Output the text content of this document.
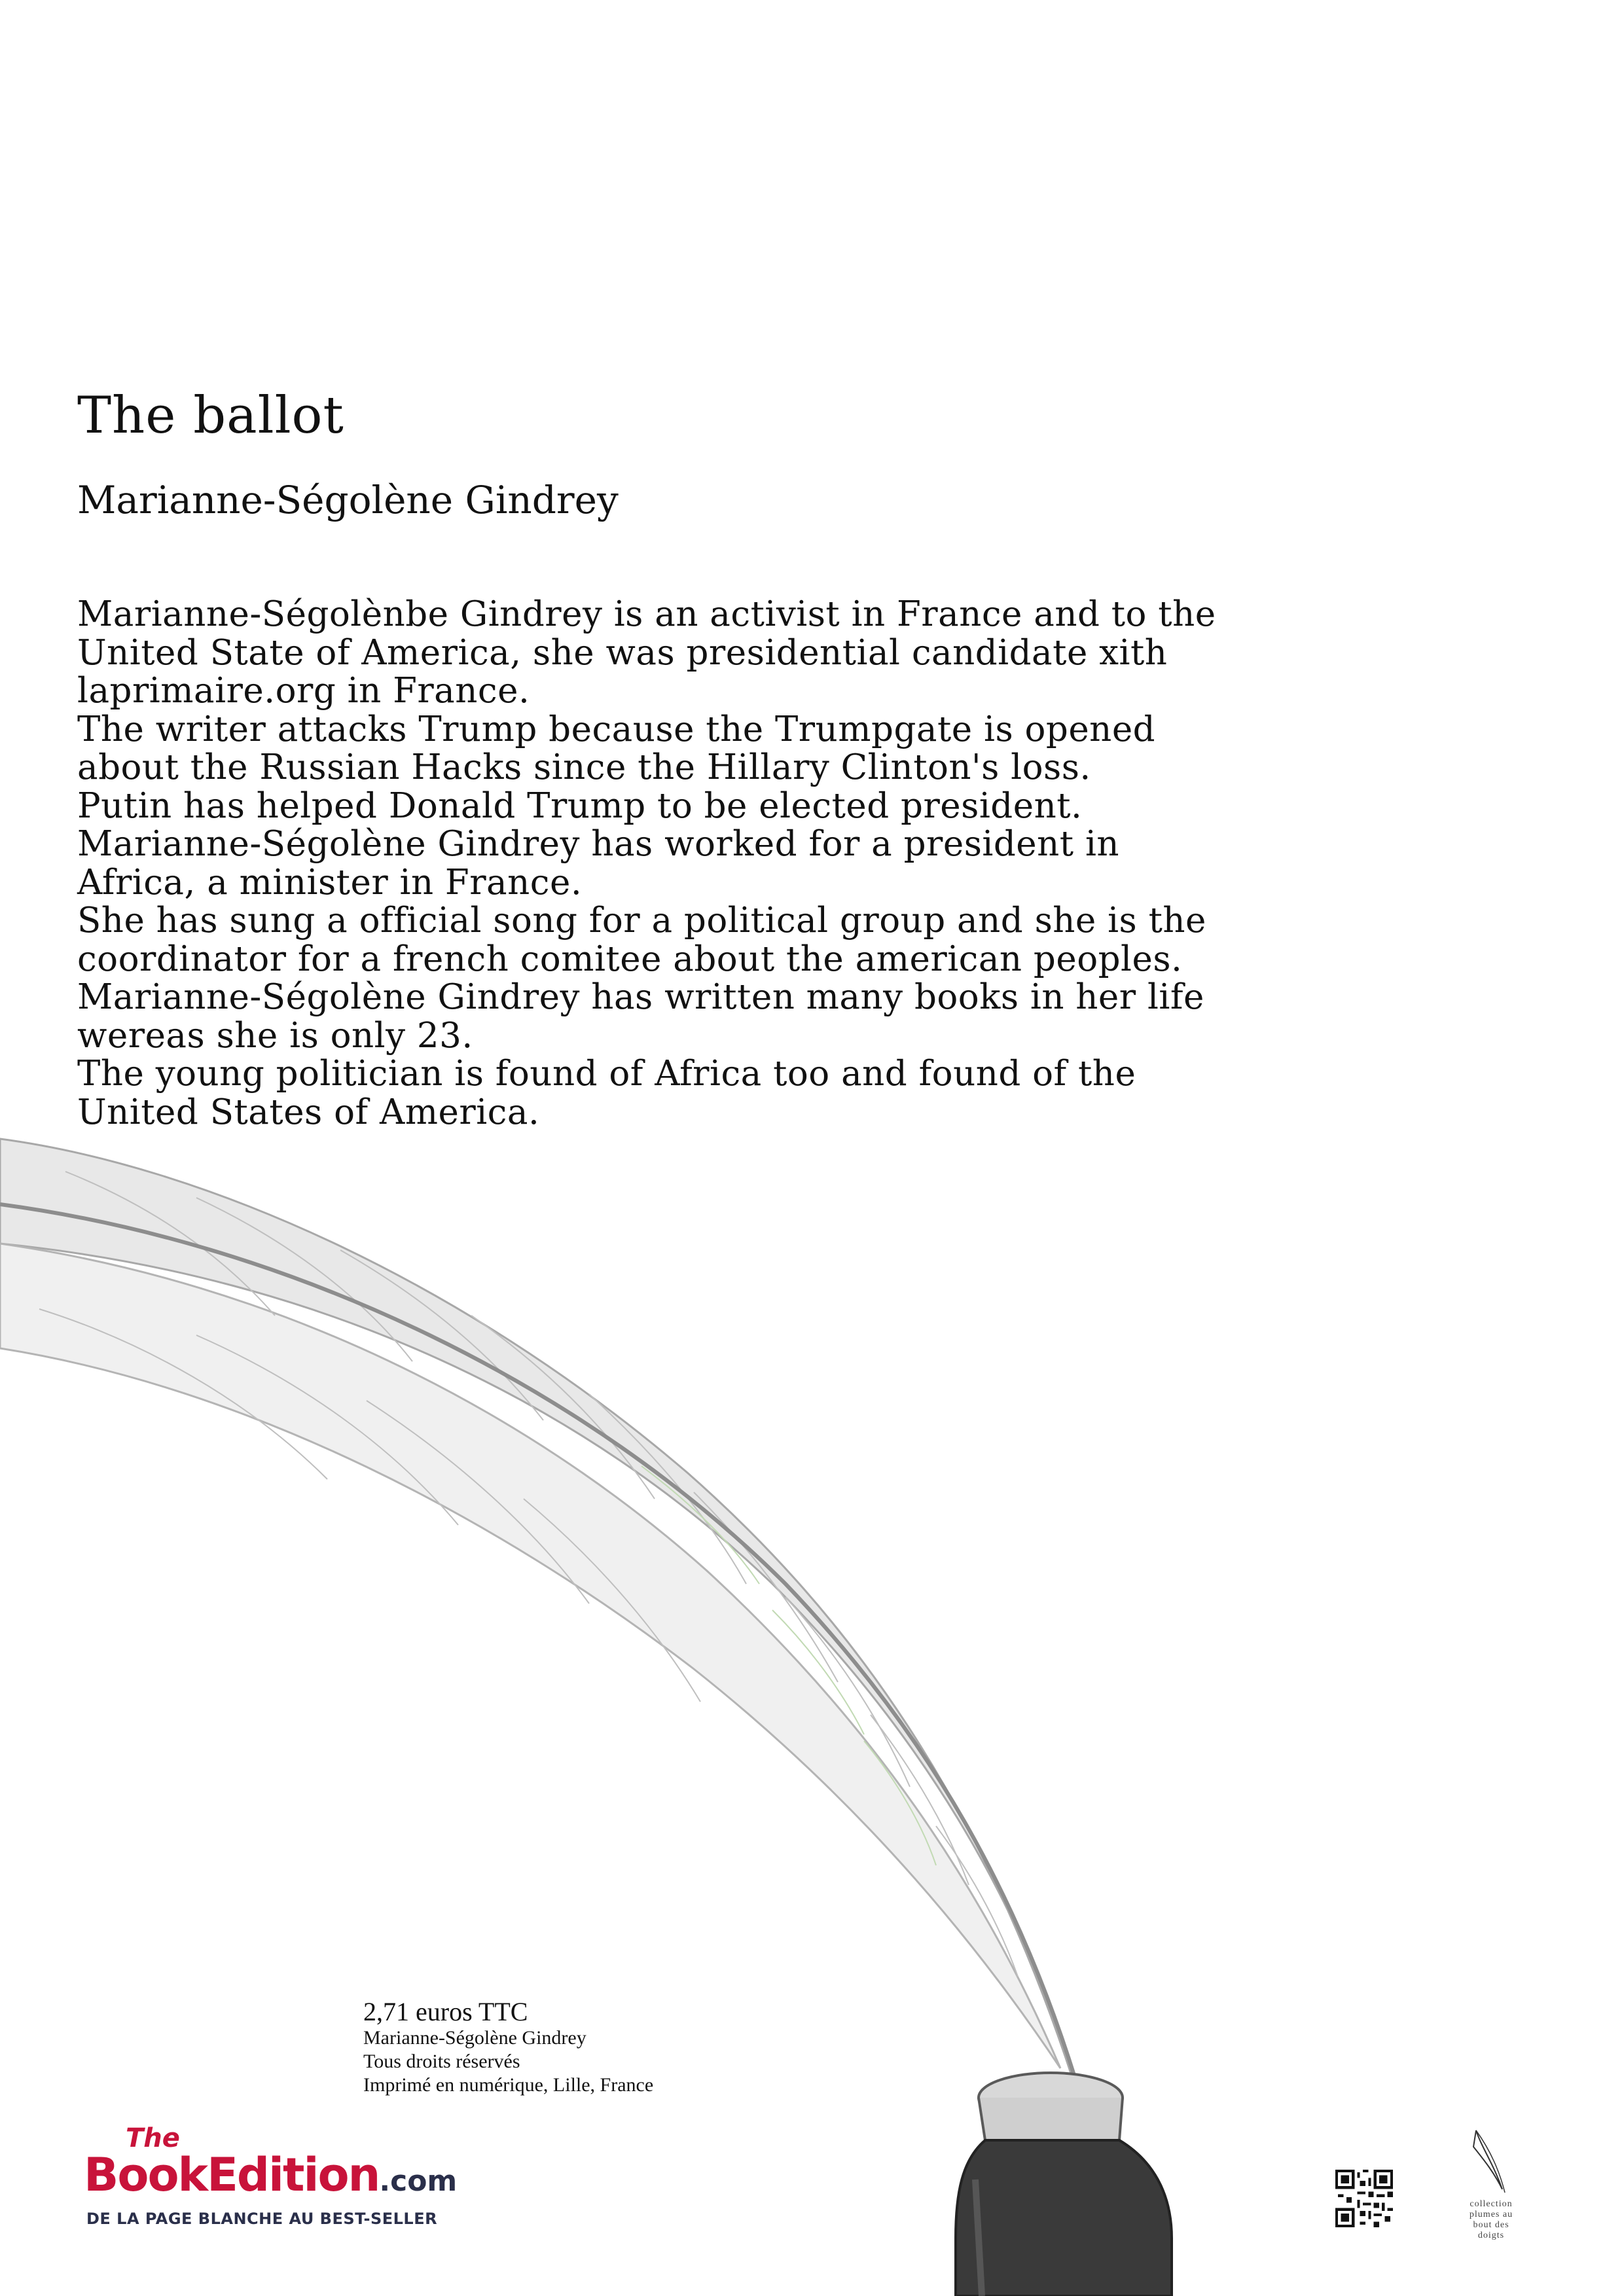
The ballot
Marianne-Ségolène Gindrey

Marianne-Ségolènbe Gindrey is an activist in France and to the United State of America, she was presidential candidate xith laprimaire.org in France.

The writer attacks Trump because the Trumpgate is opened about the Russian Hacks since the Hillary Clinton's loss.

Putin has helped Donald Trump to be elected president.

Marianne-Ségolène Gindrey has worked for a president in Africa, a minister in France.

She has sung a official song for a political group and she is the coordinator for a french comitee about the american peoples.

Marianne-Ségolène Gindrey has written many books in her life wereas she is only 23.

The young politician is found of Africa too and found of the United States of America.

2,71 euros TTC
Marianne-Ségolène Gindrey
Tous droits réservés
Imprimé en numérique, Lille, France
The
BookEdition.com
DE LA PAGE BLANCHE AU BEST-SELLER
collection
plumes au
bout des
doigts
